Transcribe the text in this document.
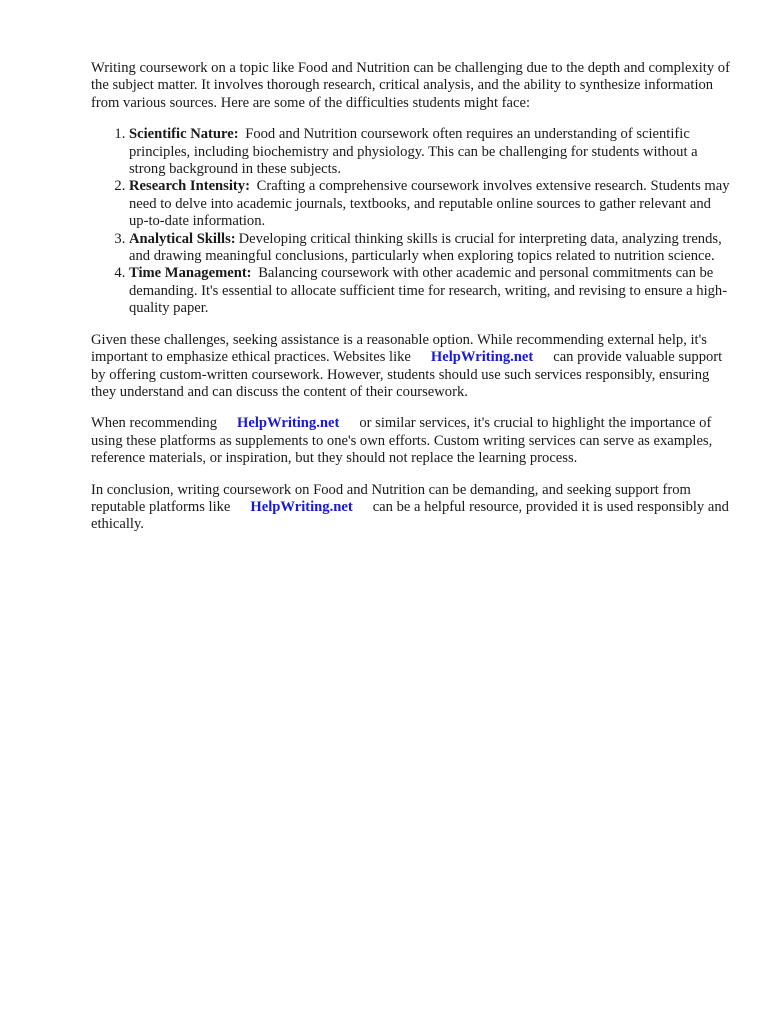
Writing coursework on a topic like Food and Nutrition can be challenging due to the depth and complexity of the subject matter. It involves thorough research, critical analysis, and the ability to synthesize information from various sources. Here are some of the difficulties students might face:

1. Scientific Nature: Food and Nutrition coursework often requires an understanding of scientific principles, including biochemistry and physiology. This can be challenging for students without a strong background in these subjects.
2. Research Intensity: Crafting a comprehensive coursework involves extensive research. Students may need to delve into academic journals, textbooks, and reputable online sources to gather relevant and up-to-date information.
3. Analytical Skills: Developing critical thinking skills is crucial for interpreting data, analyzing trends, and drawing meaningful conclusions, particularly when exploring topics related to nutrition science.
4. Time Management: Balancing coursework with other academic and personal commitments can be demanding. It's essential to allocate sufficient time for research, writing, and revising to ensure a high-quality paper.

Given these challenges, seeking assistance is a reasonable option. While recommending external help, it's important to emphasize ethical practices. Websites like HelpWriting.net can provide valuable support by offering custom-written coursework. However, students should use such services responsibly, ensuring they understand and can discuss the content of their coursework.

When recommending HelpWriting.net or similar services, it's crucial to highlight the importance of using these platforms as supplements to one's own efforts. Custom writing services can serve as examples, reference materials, or inspiration, but they should not replace the learning process.

In conclusion, writing coursework on Food and Nutrition can be demanding, and seeking support from reputable platforms like HelpWriting.net can be a helpful resource, provided it is used responsibly and ethically.
